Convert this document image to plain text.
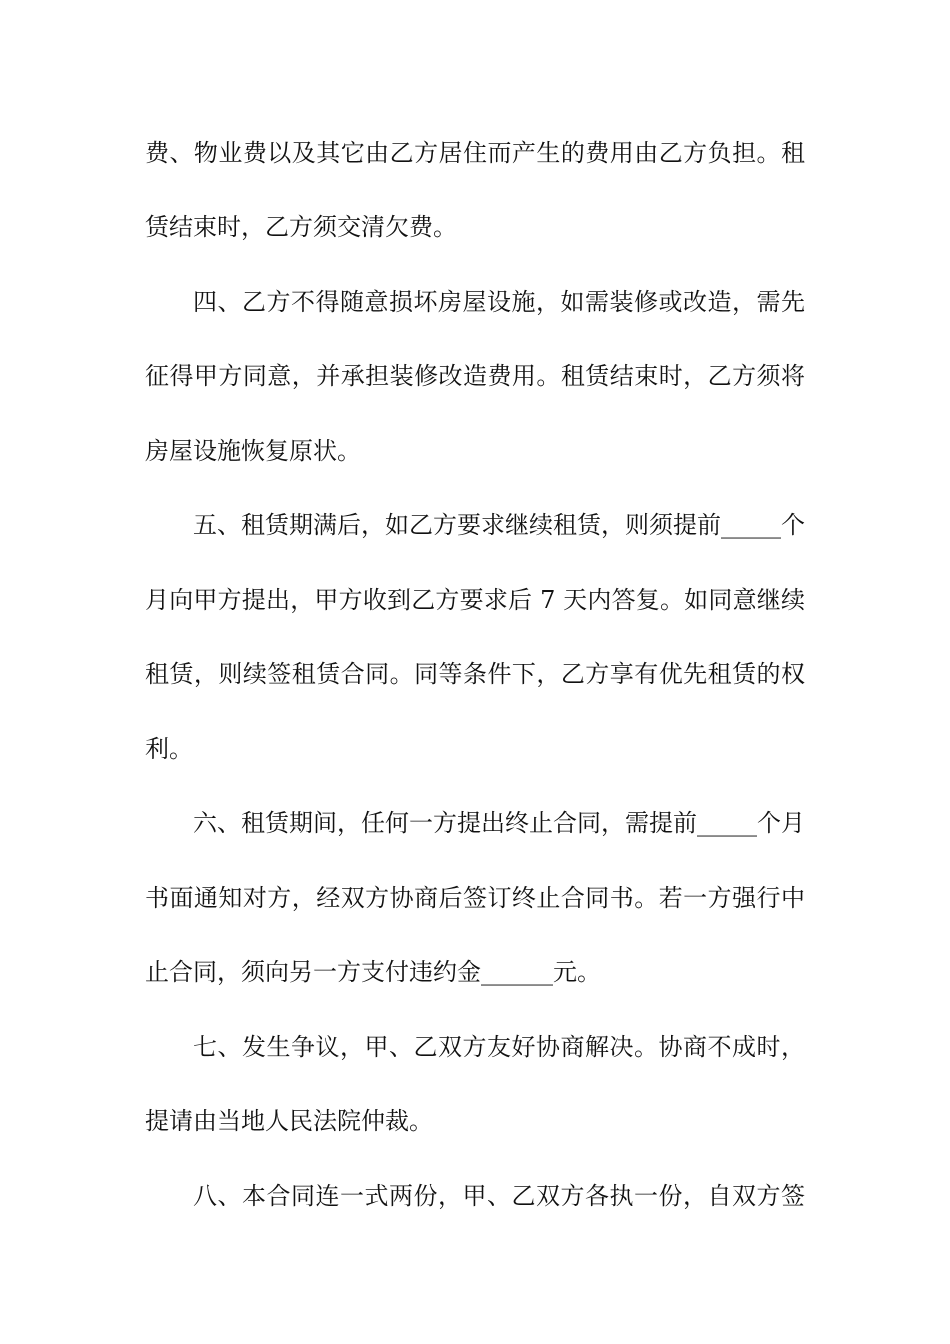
费、物业费以及其它由乙方居住而产生的费用由乙方负担。租
赁结束时，乙方须交清欠费。
四、乙方不得随意损坏房屋设施，如需装修或改造，需先
征得甲方同意，并承担装修改造费用。租赁结束时，乙方须将
房屋设施恢复原状。
五、租赁期满后，如乙方要求继续租赁，则须提前_____个
月向甲方提出，甲方收到乙方要求后 7 天内答复。如同意继续
租赁，则续签租赁合同。同等条件下，乙方享有优先租赁的权
利。
六、租赁期间，任何一方提出终止合同，需提前_____个月
书面通知对方，经双方协商后签订终止合同书。若一方强行中
止合同，须向另一方支付违约金______元。
七、发生争议，甲、乙双方友好协商解决。协商不成时，
提请由当地人民法院仲裁。
八、本合同连一式两份，甲、乙双方各执一份，自双方签
